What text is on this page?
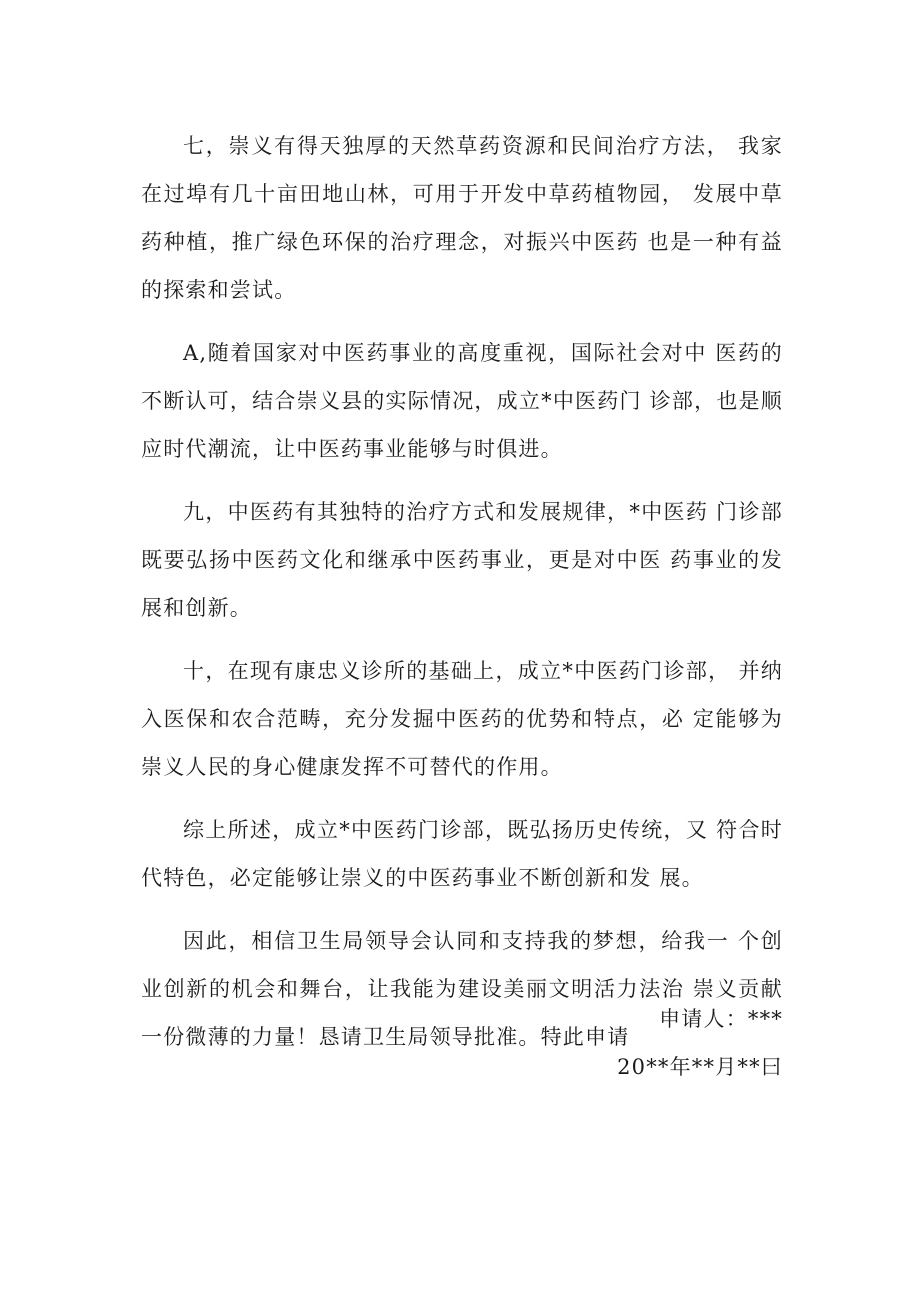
七，崇义有得天独厚的天然草药资源和民间治疗方法， 我家在过埠有几十亩田地山林，可用于开发中草药植物园， 发展中草药种植，推广绿色环保的治疗理念，对振兴中医药 也是一种有益的探索和尝试。

A,随着国家对中医药事业的高度重视，国际社会对中 医药的不断认可，结合崇义县的实际情况，成立*中医药门 诊部，也是顺应时代潮流，让中医药事业能够与时俱进。

九，中医药有其独特的治疗方式和发展规律，*中医药 门诊部既要弘扬中医药文化和继承中医药事业，更是对中医 药事业的发展和创新。

十，在现有康忠义诊所的基础上，成立*中医药门诊部， 并纳入医保和农合范畴，充分发掘中医药的优势和特点，必 定能够为崇义人民的身心健康发挥不可替代的作用。

综上所述，成立*中医药门诊部，既弘扬历史传统，又 符合时代特色，必定能够让崇义的中医药事业不断创新和发 展。

因此，相信卫生局领导会认同和支持我的梦想，给我一 个创业创新的机会和舞台，让我能为建设美丽文明活力法治 崇义贡献一份微薄的力量！恳请卫生局领导批准。特此申请

申请人：***
20**年**月**曰
